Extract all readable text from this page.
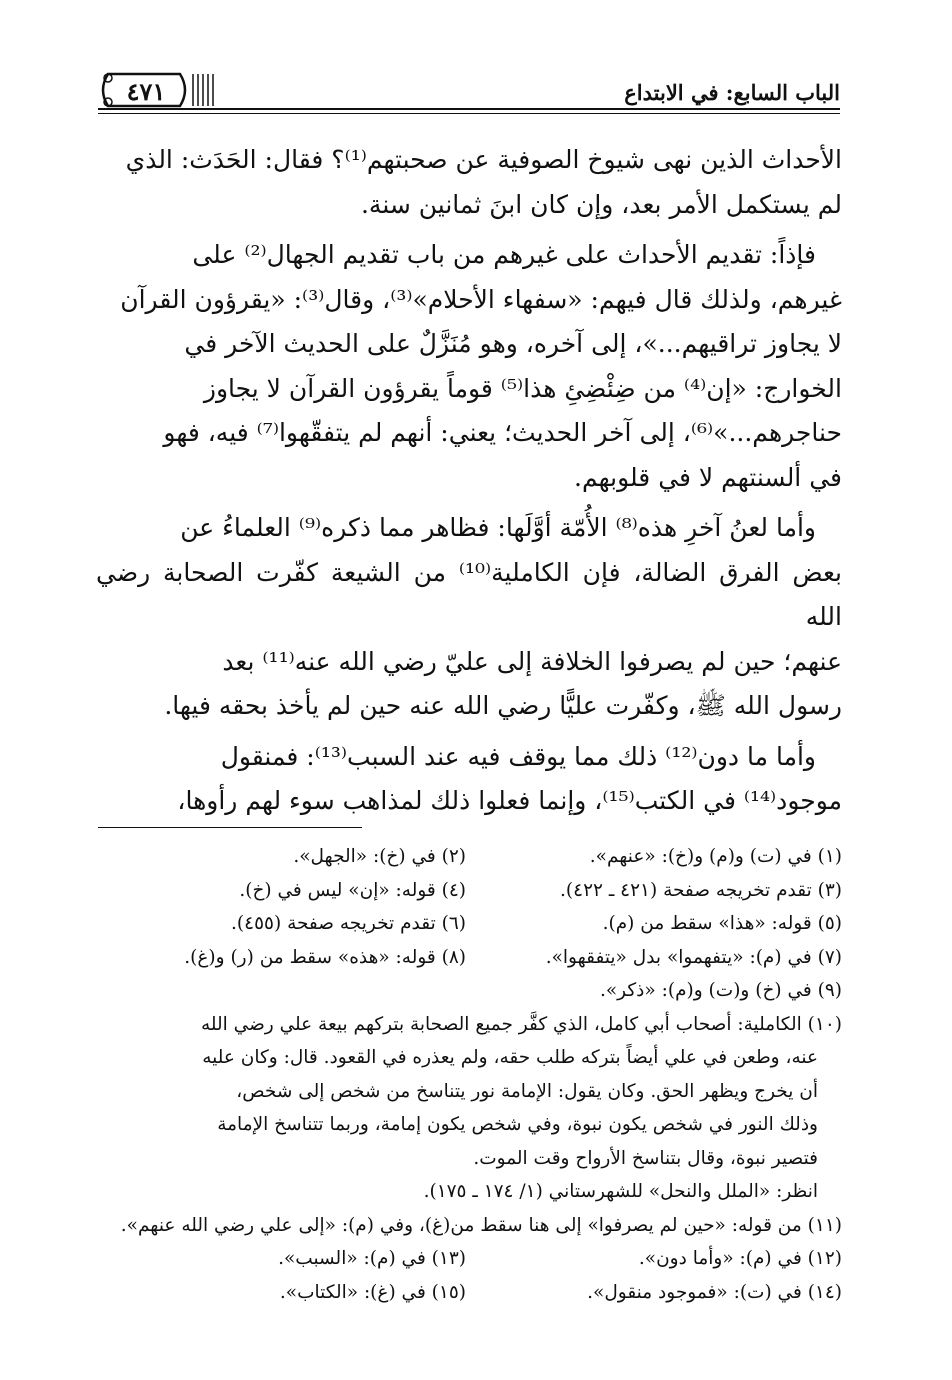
الباب السابع: في الابتداع
٤٧١

الأحداث الذين نهى شيوخ الصوفية عن صحبتهم⁽¹⁾؟ فقال: الحَدَث: الذي

لم يستكمل الأمر بعد، وإن كان ابنَ ثمانين سنة.

فإذاً: تقديم الأحداث على غيرهم من باب تقديم الجهال⁽²⁾ على

غيرهم، ولذلك قال فيهم: «سفهاء الأحلام»⁽³⁾، وقال⁽³⁾: «يقرؤون القرآن

لا يجاوز تراقيهم...»، إلى آخره، وهو مُنَزَّلٌ على الحديث الآخر في

الخوارج: «إن⁽⁴⁾ من ضِئْضِئِ هذا⁽⁵⁾ قوماً يقرؤون القرآن لا يجاوز

حناجرهم...»⁽⁶⁾، إلى آخر الحديث؛ يعني: أنهم لم يتفقّهوا⁽⁷⁾ فيه، فهو

في ألسنتهم لا في قلوبهم.

وأما لعنُ آخرِ هذه⁽⁸⁾ الأُمّة أوَّلَها: فظاهر مما ذكره⁽⁹⁾ العلماءُ عن

بعض الفرق الضالة، فإن الكاملية⁽¹⁰⁾ من الشيعة كفّرت الصحابة رضي الله

عنهم؛ حين لم يصرفوا الخلافة إلى عليّ رضي الله عنه⁽¹¹⁾ بعد

رسول الله ﷺ، وكفّرت عليًّا رضي الله عنه حين لم يأخذ بحقه فيها.

وأما ما دون⁽¹²⁾ ذلك مما يوقف فيه عند السبب⁽¹³⁾: فمنقول

موجود⁽¹⁴⁾ في الكتب⁽¹⁵⁾، وإنما فعلوا ذلك لمذاهب سوء لهم رأوها،

(١) في (ت) و(م) و(خ): «عنهم».
(٢) في (خ): «الجهل».
(٣) تقدم تخريجه صفحة (٤٢١ ـ ٤٢٢).
(٤) قوله: «إن» ليس في (خ).
(٥) قوله: «هذا» سقط من (م).
(٦) تقدم تخريجه صفحة (٤٥٥).
(٧) في (م): «يتفهموا» بدل «يتفقهوا».
(٨) قوله: «هذه» سقط من (ر) و(غ).
(٩) في (خ) و(ت) و(م): «ذكر».
(١٠) الكاملية: أصحاب أبي كامل، الذي كفَّر جميع الصحابة بتركهم بيعة علي رضي الله
عنه، وطعن في علي أيضاً بتركه طلب حقه، ولم يعذره في القعود. قال: وكان عليه
أن يخرج ويظهر الحق. وكان يقول: الإمامة نور يتناسخ من شخص إلى شخص،
وذلك النور في شخص يكون نبوة، وفي شخص يكون إمامة، وربما تتناسخ الإمامة
فتصير نبوة، وقال بتناسخ الأرواح وقت الموت.
انظر: «الملل والنحل» للشهرستاني (١/ ١٧٤ ـ ١٧٥).
(١١) من قوله: «حين لم يصرفوا» إلى هنا سقط من(غ)، وفي (م): «إلى علي رضي الله عنهم».
(١٢) في (م): «وأما دون».
(١٣) في (م): «السبب».
(١٤) في (ت): «فموجود منقول».
(١٥) في (غ): «الكتاب».
